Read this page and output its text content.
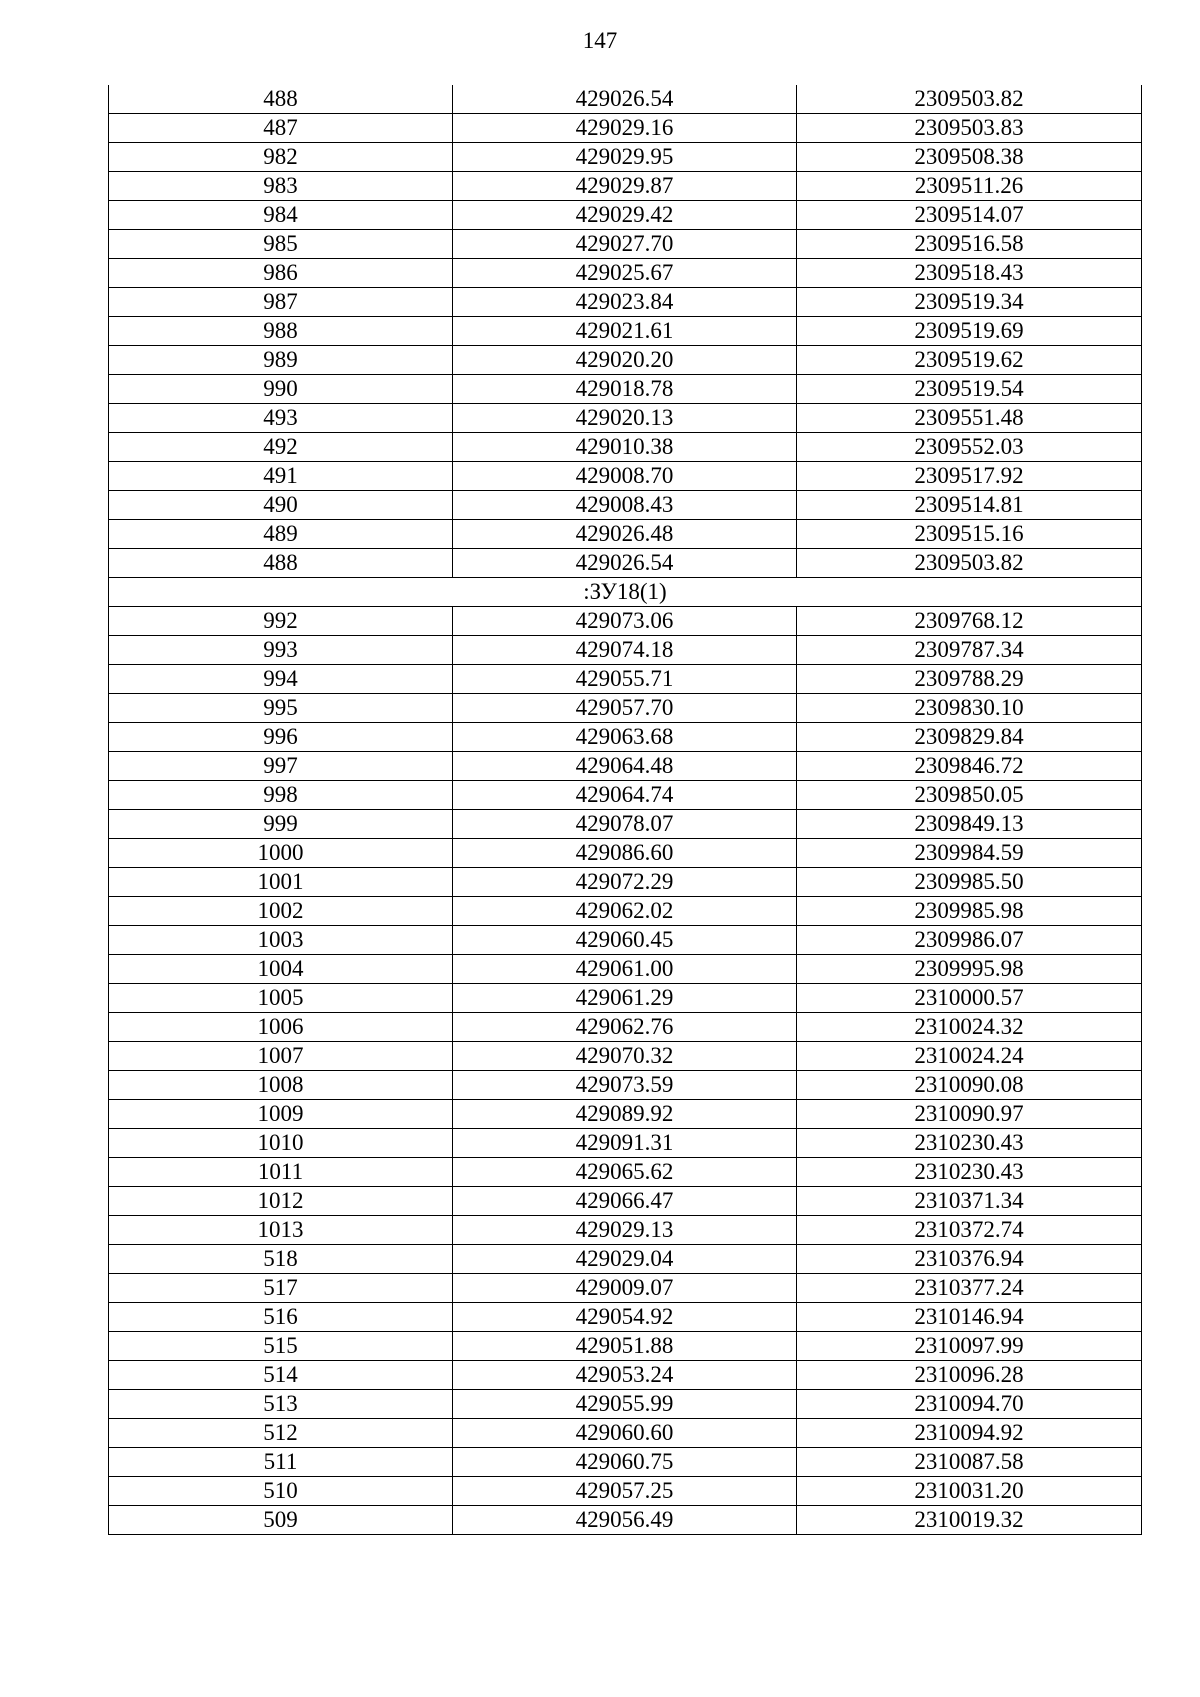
147
488	429026.54	2309503.82
487	429029.16	2309503.83
982	429029.95	2309508.38
983	429029.87	2309511.26
984	429029.42	2309514.07
985	429027.70	2309516.58
986	429025.67	2309518.43
987	429023.84	2309519.34
988	429021.61	2309519.69
989	429020.20	2309519.62
990	429018.78	2309519.54
493	429020.13	2309551.48
492	429010.38	2309552.03
491	429008.70	2309517.92
490	429008.43	2309514.81
489	429026.48	2309515.16
488	429026.54	2309503.82
:ЗУ18(1)		
992	429073.06	2309768.12
993	429074.18	2309787.34
994	429055.71	2309788.29
995	429057.70	2309830.10
996	429063.68	2309829.84
997	429064.48	2309846.72
998	429064.74	2309850.05
999	429078.07	2309849.13
1000	429086.60	2309984.59
1001	429072.29	2309985.50
1002	429062.02	2309985.98
1003	429060.45	2309986.07
1004	429061.00	2309995.98
1005	429061.29	2310000.57
1006	429062.76	2310024.32
1007	429070.32	2310024.24
1008	429073.59	2310090.08
1009	429089.92	2310090.97
1010	429091.31	2310230.43
1011	429065.62	2310230.43
1012	429066.47	2310371.34
1013	429029.13	2310372.74
518	429029.04	2310376.94
517	429009.07	2310377.24
516	429054.92	2310146.94
515	429051.88	2310097.99
514	429053.24	2310096.28
513	429055.99	2310094.70
512	429060.60	2310094.92
511	429060.75	2310087.58
510	429057.25	2310031.20
509	429056.49	2310019.32
